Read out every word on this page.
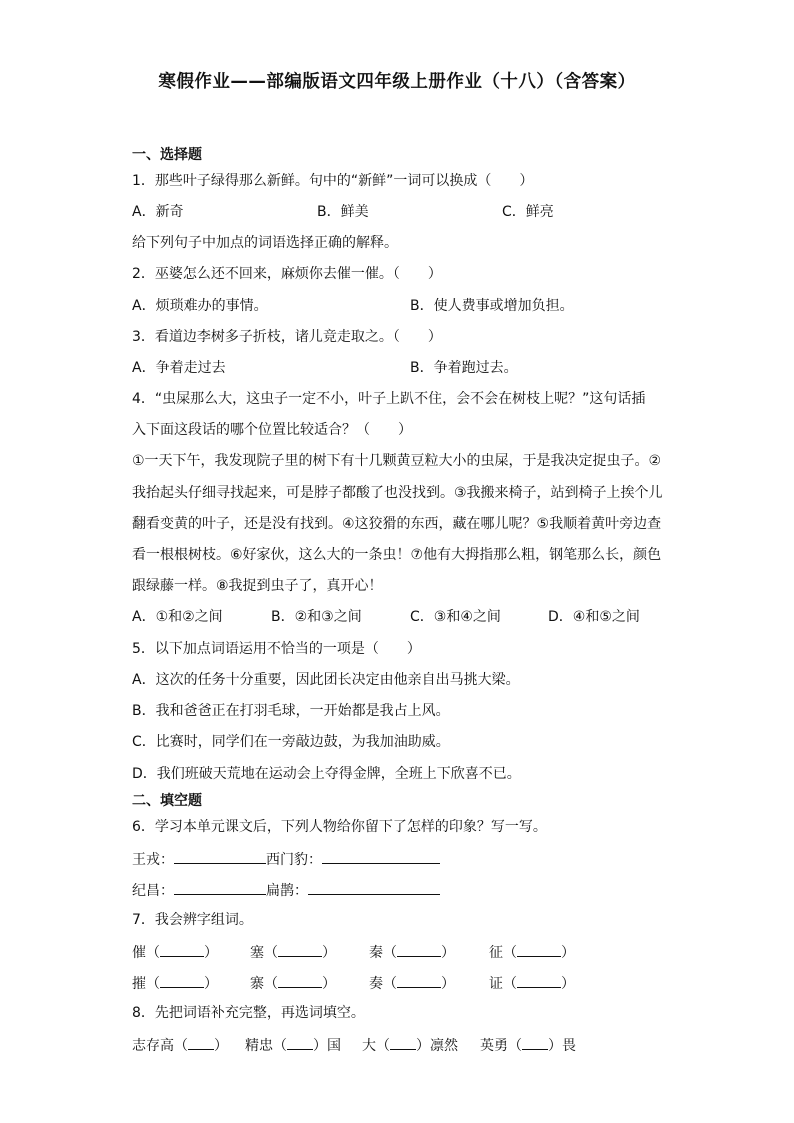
寒假作业——部编版语文四年级上册作业（十八）（含答案）
一、选择题
1．那些叶子绿得那么新鲜。句中的“新鲜”一词可以换成（　　）
A．新奇	B．鲜美	C．鲜亮
给下列句子中加点的词语选择正确的解释。
2．巫婆怎么还不回来，麻烦你去催一催。（　　）
A．烦琐难办的事情。	B．使人费事或增加负担。
3．看道边李树多子折枝，诸儿竞走取之。（　　）
A．争着走过去	B．争着跑过去。
4．“虫屎那么大，这虫子一定不小，叶子上趴不住，会不会在树枝上呢？”这句话插
入下面这段话的哪个位置比较适合？（　　）
①一天下午，我发现院子里的树下有十几颗黄豆粒大小的虫屎，于是我决定捉虫子。②
我抬起头仔细寻找起来，可是脖子都酸了也没找到。③我搬来椅子，站到椅子上挨个儿
翻看变黄的叶子，还是没有找到。④这狡猾的东西，藏在哪儿呢？⑤我顺着黄叶旁边查
看一根根树枝。⑥好家伙，这么大的一条虫！⑦他有大拇指那么粗，钢笔那么长，颜色
跟绿藤一样。⑧我捉到虫子了，真开心！
A．①和②之间	B．②和③之间	C．③和④之间	D．④和⑤之间
5．以下加点词语运用不恰当的一项是（　　）
A．这次的任务十分重要，因此团长决定由他亲自出马挑大梁。
B．我和爸爸正在打羽毛球，一开始都是我占上风。
C．比赛时，同学们在一旁敲边鼓，为我加油助威。
D．我们班破天荒地在运动会上夺得金牌，全班上下欣喜不已。
二、填空题
6．学习本单元课文后，下列人物给你留下了怎样的印象？写一写。
王戎：	西门豹：
纪昌：	扁鹊：
7．我会辨字组词。
催（	） 塞（	） 秦（	） 征（	）
摧（	） 寨（	） 奏（	） 证（	）
8．先把词语补充完整，再选词填空。
志存高（ ） 精忠（ ）国 大（ ）凛然 英勇（ ）畏
